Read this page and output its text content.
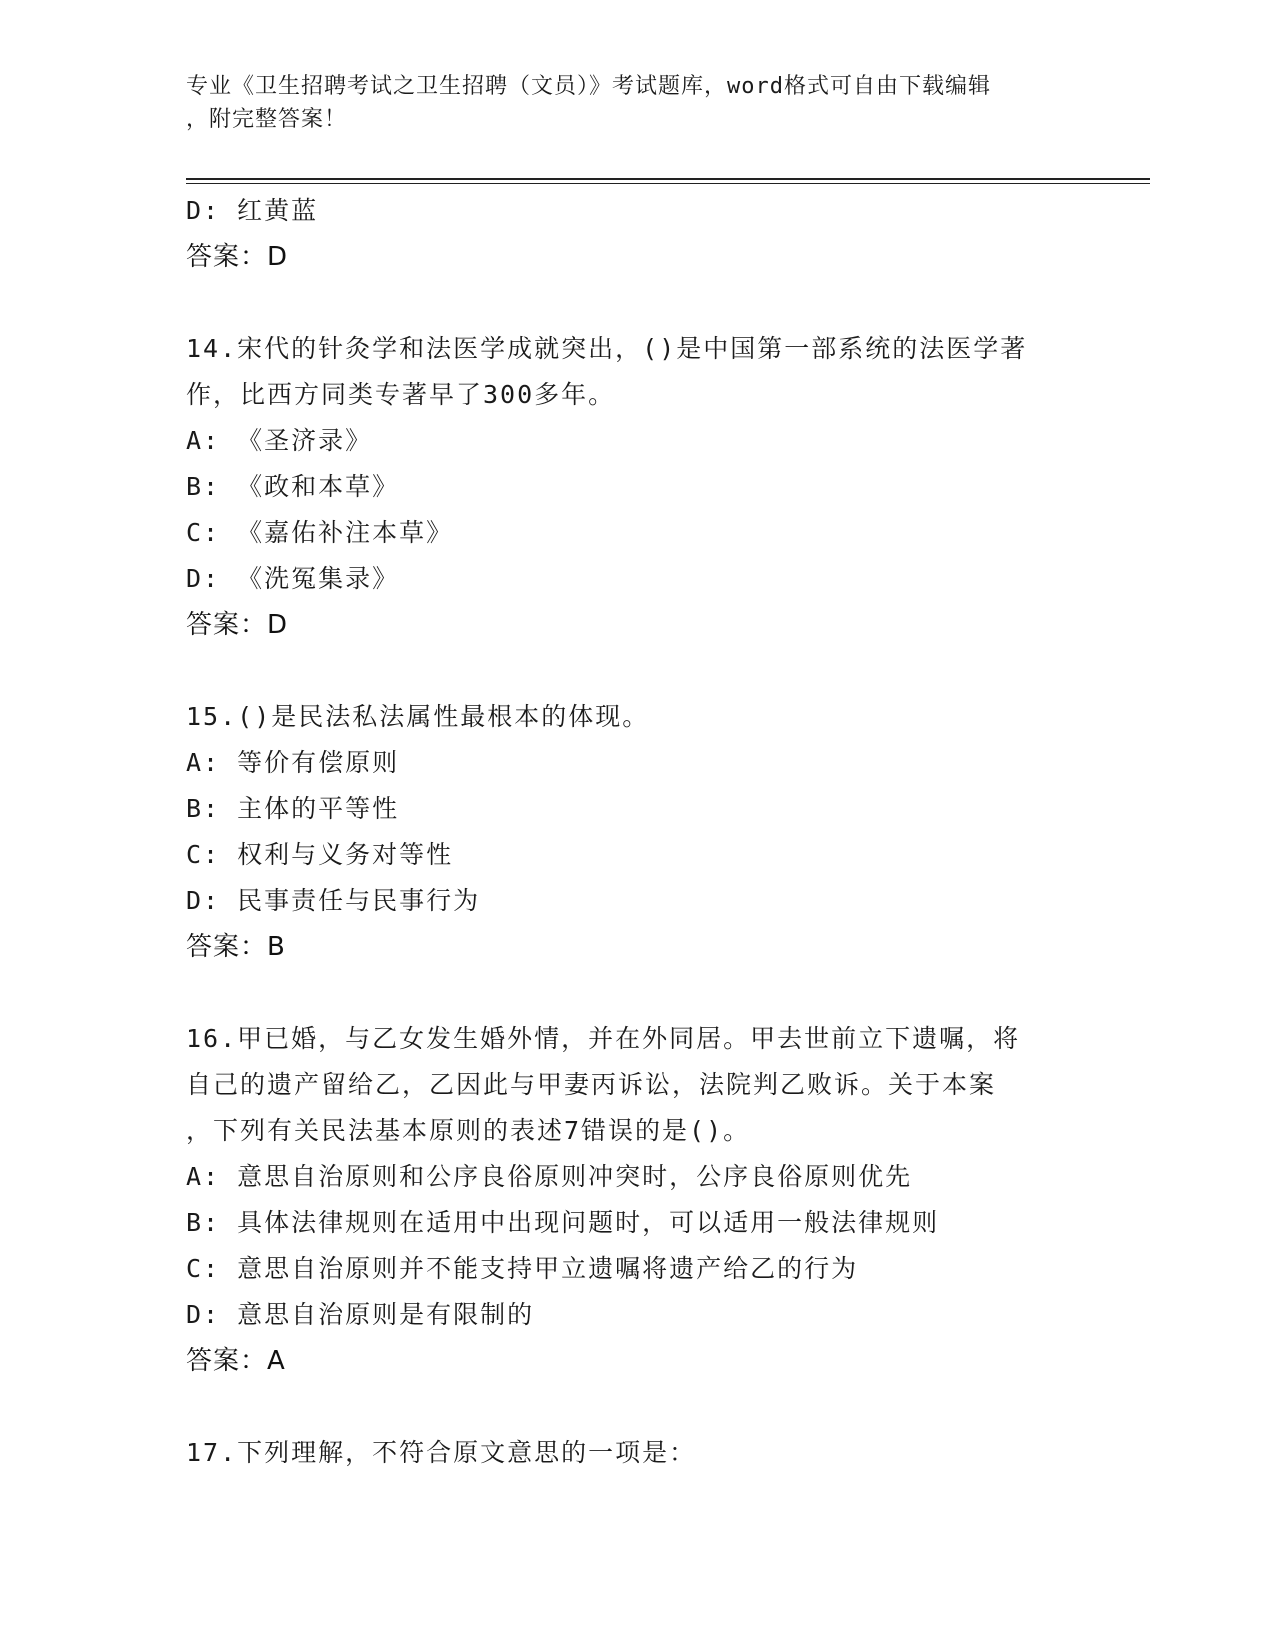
专业《卫生招聘考试之卫生招聘（文员）》考试题库，word格式可自由下载编辑
，附完整答案！
D: 红黄蓝
答案：D
14.宋代的针灸学和法医学成就突出，()是中国第一部系统的法医学著
作，比西方同类专著早了300多年。
A: 《圣济录》
B: 《政和本草》
C: 《嘉佑补注本草》
D: 《洗冤集录》
答案：D
15.()是民法私法属性最根本的体现。
A: 等价有偿原则
B: 主体的平等性
C: 权利与义务对等性
D: 民事责任与民事行为
答案：B
16.甲已婚，与乙女发生婚外情，并在外同居。甲去世前立下遗嘱，将
自己的遗产留给乙，乙因此与甲妻丙诉讼，法院判乙败诉。关于本案
，下列有关民法基本原则的表述7错误的是()。
A: 意思自治原则和公序良俗原则冲突时，公序良俗原则优先
B: 具体法律规则在适用中出现问题时，可以适用一般法律规则
C: 意思自治原则并不能支持甲立遗嘱将遗产给乙的行为
D: 意思自治原则是有限制的
答案：A
17.下列理解，不符合原文意思的一项是：
